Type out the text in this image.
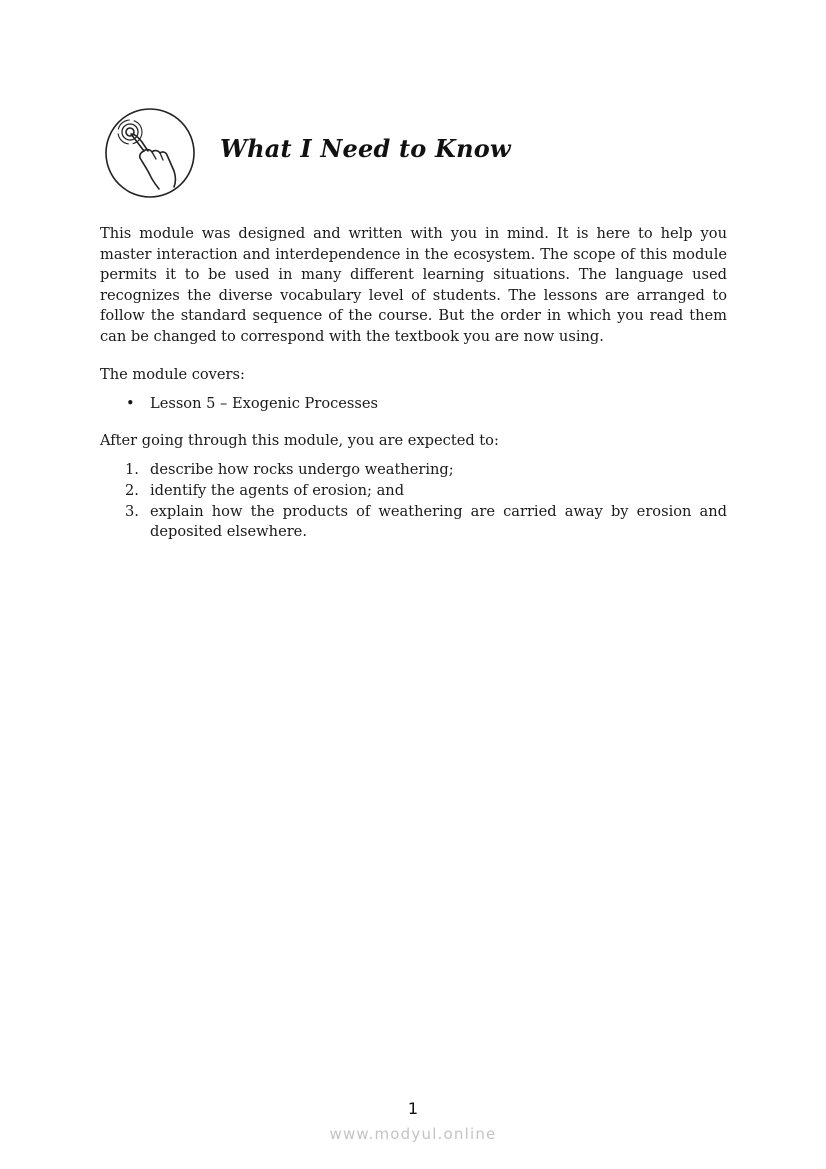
What I Need to Know

This module was designed and written with you in mind. It is here to help you master interaction and interdependence in the ecosystem. The scope of this module permits it to be used in many different learning situations. The language used recognizes the diverse vocabulary level of students. The lessons are arranged to follow the standard sequence of the course. But the order in which you read them can be changed to correspond with the textbook you are now using.

The module covers:

• Lesson 5 – Exogenic Processes

After going through this module, you are expected to:

1. describe how rocks undergo weathering;
2. identify the agents of erosion; and
3. explain how the products of weathering are carried away by erosion and deposited elsewhere.
1
www.modyul.online
